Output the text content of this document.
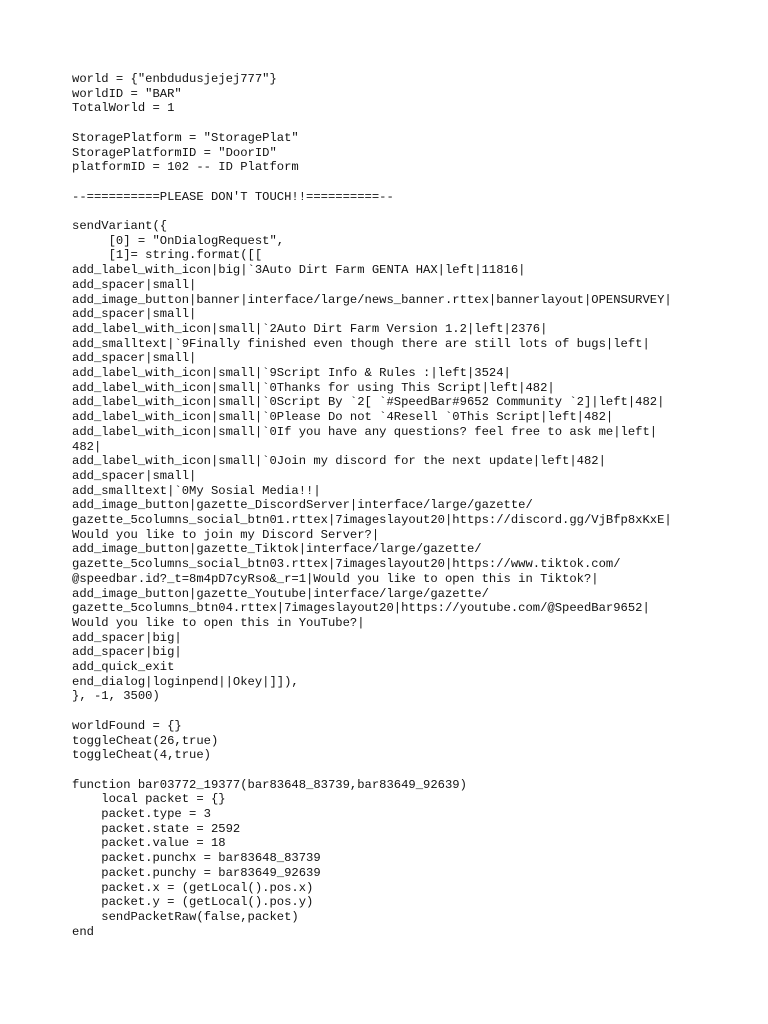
world = {"enbdudusjejej777"}
worldID = "BAR"
TotalWorld = 1
StoragePlatform = "StoragePlat"
StoragePlatformID = "DoorID"
platformID = 102 -- ID Platform
--==========PLEASE DON'T TOUCH!!==========--
sendVariant({
[0] = "OnDialogRequest",
[1]= string.format([[
add_label_with_icon|big|`3Auto Dirt Farm GENTA HAX|left|11816|
add_spacer|small|
add_image_button|banner|interface/large/news_banner.rttex|bannerlayout|OPENSURVEY|
add_spacer|small|
add_label_with_icon|small|`2Auto Dirt Farm Version 1.2|left|2376|
add_smalltext|`9Finally finished even though there are still lots of bugs|left|
add_spacer|small|
add_label_with_icon|small|`9Script Info & Rules :|left|3524|
add_label_with_icon|small|`0Thanks for using This Script|left|482|
add_label_with_icon|small|`0Script By `2[ `#SpeedBar#9652 Community `2]|left|482|
add_label_with_icon|small|`0Please Do not `4Resell `0This Script|left|482|
add_label_with_icon|small|`0If you have any questions? feel free to ask me|left|
482|
add_label_with_icon|small|`0Join my discord for the next update|left|482|
add_spacer|small|
add_smalltext|`0My Sosial Media!!|
add_image_button|gazette_DiscordServer|interface/large/gazette/
gazette_5columns_social_btn01.rttex|7imageslayout20|https://discord.gg/VjBfp8xKxE|
Would you like to join my Discord Server?|
add_image_button|gazette_Tiktok|interface/large/gazette/
gazette_5columns_social_btn03.rttex|7imageslayout20|https://www.tiktok.com/
@speedbar.id?_t=8m4pD7cyRso&_r=1|Would you like to open this in Tiktok?|
add_image_button|gazette_Youtube|interface/large/gazette/
gazette_5columns_btn04.rttex|7imageslayout20|https://youtube.com/@SpeedBar9652|
Would you like to open this in YouTube?|
add_spacer|big|
add_spacer|big|
add_quick_exit
end_dialog|loginpend||Okey|]]),
}, -1, 3500)
worldFound = {}
toggleCheat(26,true)
toggleCheat(4,true)
function bar03772_19377(bar83648_83739,bar83649_92639)
local packet = {}
packet.type = 3
packet.state = 2592
packet.value = 18
packet.punchx = bar83648_83739
packet.punchy = bar83649_92639
packet.x = (getLocal().pos.x)
packet.y = (getLocal().pos.y)
sendPacketRaw(false,packet)
end
